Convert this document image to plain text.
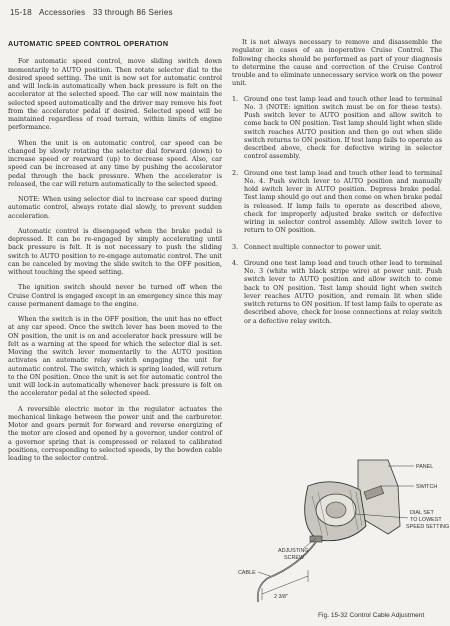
15-18 Accessories 33 through 86 Series
AUTOMATIC SPEED CONTROL OPERATION

For automatic speed control, move sliding switch down momentarily to AUTO position. Then rotate selector dial to the desired speed setting. The unit is now set for automatic control and will lock-in automatically when back pressure is felt on the accelerator at the selected speed. The car will now maintain the selected speed automatically and the driver may remove his foot from the accelerator pedal if desired. Selected speed will be maintained regardless of road terrain, within limits of engine performance.

When the unit is on automatic control, car speed can be changed by slowly rotating the selector dial forward (down) to increase speed or rearward (up) to decrease speed. Also, car speed can be increased at any time by pushing the accelerator pedal through the back pressure. When the accelerator is released, the car will return automatically to the selected speed.

NOTE: When using selector dial to increase car speed during automatic control, always rotate dial slowly, to prevent sudden acceleration.

Automatic control is disengaged when the brake pedal is depressed. It can be re-engaged by simply accelerating until back pressure is felt. It is not necessary to push the sliding switch to AUTO position to re-engage automatic control. The unit can be canceled by moving the slide switch to the OFF position, without touching the speed setting.

The ignition switch should never be turned off when the Cruise Control is engaged except in an emergency since this may cause permanent damage to the engine.

When the switch is in the OFF position, the unit has no effect at any car speed. Once the switch lever has been moved to the ON position, the unit is on and accelerator back pressure will be felt as a warning at the speed for which the selector dial is set. Moving the switch lever momentarily to the AUTO position activates an automatic relay switch engaging the unit for automatic control. The switch, which is spring loaded, will return to the ON position. Once the unit is set for automatic control the unit will lock-in automatically whenever back pressure is felt on the accelerator pedal at the selected speed.

A reversible electric motor in the regulator actuates the mechanical linkage between the power unit and the carburetor. Motor and gears permit for forward and reverse energizing of the motor are closed and opened by a governor, under control of a governor spring that is compressed or relaxed to calibrated positions, corresponding to selected speeds, by the bowden cable leading to the selector control.

It is not always necessary to remove and disassemble the regulator in cases of an inoperative Cruise Control. The following checks should be performed as part of your diagnosis to determine the cause and correction of the Cruise Control trouble and to eliminate unnecessary service work on the power unit.

1. Ground one test lamp lead and touch other lead to terminal No. 3 (NOTE: ignition switch must be on for these tests). Push switch lever to AUTO position and allow switch to come back to ON position. Test lamp should light when slide switch reaches AUTO position and then go out when slide switch returns to ON position. If test lamp fails to operate as described above, check for defective wiring in selector control assembly.
2. Ground one test lamp lead and touch other lead to terminal No. 4. Push switch lever to AUTO position and manually hold switch lever in AUTO position. Depress brake pedal. Test lamp should go out and then come on when brake pedal is released. If lamp fails to operate as described above, check for improperly adjusted brake switch or defective wiring in selector control assembly. Allow switch lever to return to ON position.
3. Connect multiple connector to power unit.
4. Ground one test lamp lead and touch other lead to terminal No. 3 (white with black stripe wire) at power unit. Push switch lever to AUTO position and allow switch to come back to ON position. Test lamp should light when switch lever reaches AUTO position, and remain lit when slide switch returns to ON position. If test lamp fails to operate as described above, check for loose connections at relay switch or a defective relay switch.
PANEL
SWITCH
DIAL SET
TO LOWEST
SPEED SETTING
ADJUSTING
SCREW
CABLE
2 3/8"
Fig. 15-32 Control Cable Adjustment
